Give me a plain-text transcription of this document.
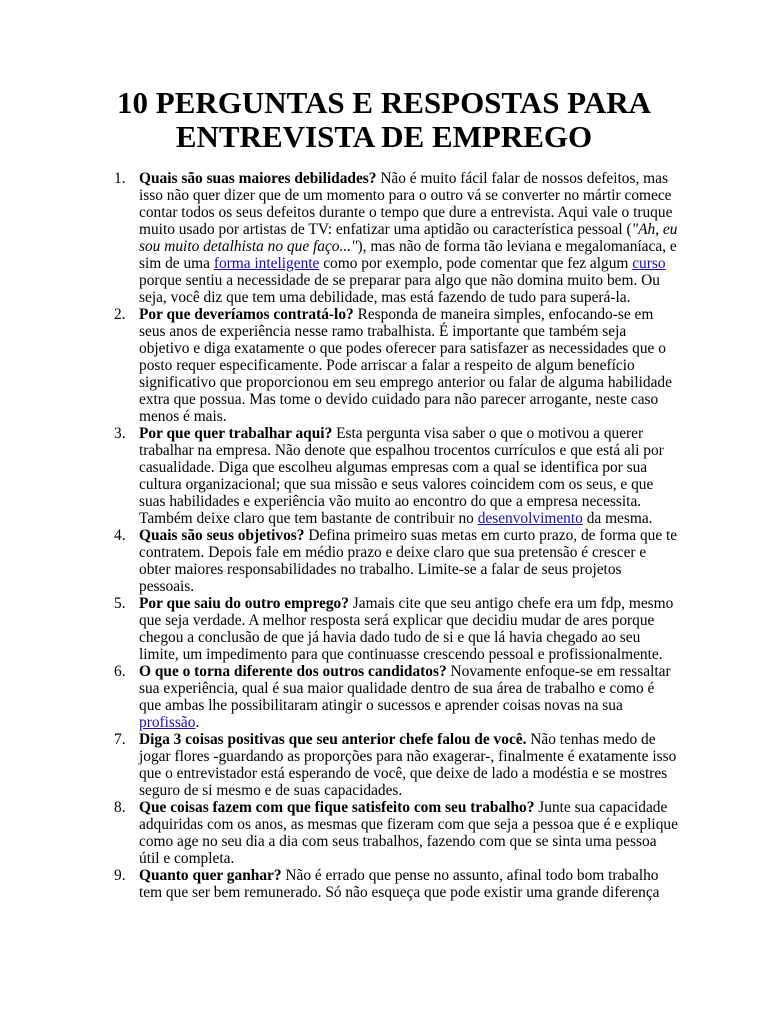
10 PERGUNTAS E RESPOSTAS PARA
ENTREVISTA DE EMPREGO
1. Quais são suas maiores debilidades? Não é muito fácil falar de nossos defeitos, mas isso não quer dizer que de um momento para o outro vá se converter no mártir comece contar todos os seus defeitos durante o tempo que dure a entrevista. Aqui vale o truque muito usado por artistas de TV: enfatizar uma aptidão ou característica pessoal ("Ah, eu sou muito detalhista no que faço..."), mas não de forma tão leviana e megalomaníaca, e sim de uma forma inteligente como por exemplo, pode comentar que fez algum curso porque sentiu a necessidade de se preparar para algo que não domina muito bem. Ou seja, você diz que tem uma debilidade, mas está fazendo de tudo para superá-la.
2. Por que deveríamos contratá-lo? Responda de maneira simples, enfocando-se em seus anos de experiência nesse ramo trabalhista. É importante que também seja objetivo e diga exatamente o que podes oferecer para satisfazer as necessidades que o posto requer especificamente. Pode arriscar a falar a respeito de algum benefício significativo que proporcionou em seu emprego anterior ou falar de alguma habilidade extra que possua. Mas tome o devido cuidado para não parecer arrogante, neste caso menos é mais.
3. Por que quer trabalhar aqui? Esta pergunta visa saber o que o motivou a querer trabalhar na empresa. Não denote que espalhou trocentos currículos e que está ali por casualidade. Diga que escolheu algumas empresas com a qual se identifica por sua cultura organizacional; que sua missão e seus valores coincidem com os seus, e que suas habilidades e experiência vão muito ao encontro do que a empresa necessita. Também deixe claro que tem bastante de contribuir no desenvolvimento da mesma.
4. Quais são seus objetivos? Defina primeiro suas metas em curto prazo, de forma que te contratem. Depois fale em médio prazo e deixe claro que sua pretensão é crescer e obter maiores responsabilidades no trabalho. Limite-se a falar de seus projetos pessoais.
5. Por que saiu do outro emprego? Jamais cite que seu antigo chefe era um fdp, mesmo que seja verdade. A melhor resposta será explicar que decidiu mudar de ares porque chegou a conclusão de que já havia dado tudo de si e que lá havia chegado ao seu limite, um impedimento para que continuasse crescendo pessoal e profissionalmente.
6. O que o torna diferente dos outros candidatos? Novamente enfoque-se em ressaltar sua experiência, qual é sua maior qualidade dentro de sua área de trabalho e como é que ambas lhe possibilitaram atingir o sucessos e aprender coisas novas na sua profissão.
7. Diga 3 coisas positivas que seu anterior chefe falou de você. Não tenhas medo de jogar flores -guardando as proporções para não exagerar-, finalmente é exatamente isso que o entrevistador está esperando de você, que deixe de lado a modéstia e se mostres seguro de si mesmo e de suas capacidades.
8. Que coisas fazem com que fique satisfeito com seu trabalho? Junte sua capacidade adquiridas com os anos, as mesmas que fizeram com que seja a pessoa que é e explique como age no seu dia a dia com seus trabalhos, fazendo com que se sinta uma pessoa útil e completa.
9. Quanto quer ganhar? Não é errado que pense no assunto, afinal todo bom trabalho tem que ser bem remunerado. Só não esqueça que pode existir uma grande diferença
